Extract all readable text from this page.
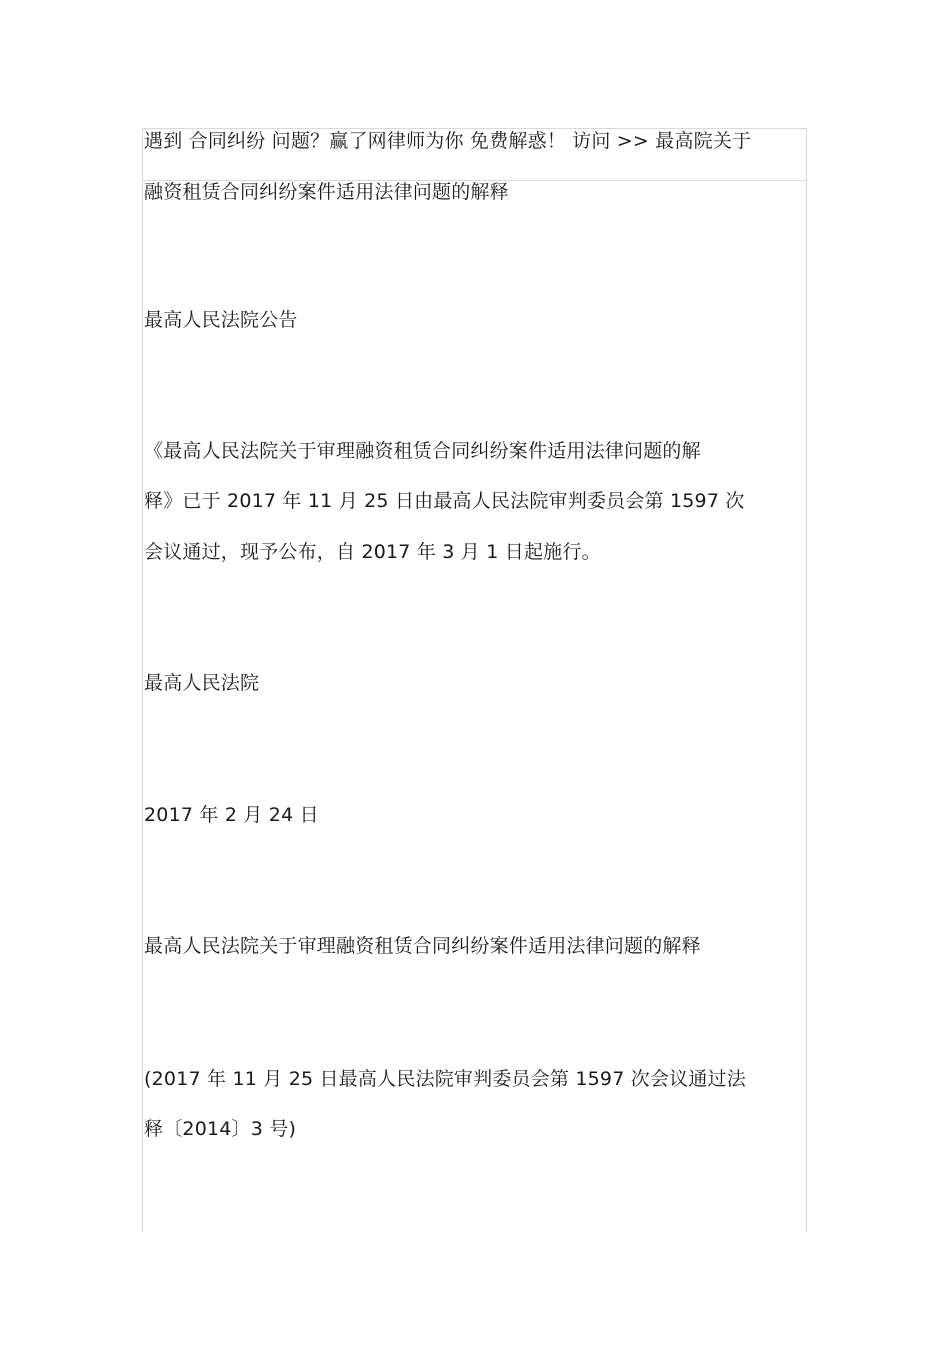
遇到 合同纠纷 问题？赢了网律师为你 免费解惑！ 访问 >> 最高院关于
融资租赁合同纠纷案件适用法律问题的解释
最高人民法院公告
《最高人民法院关于审理融资租赁合同纠纷案件适用法律问题的解
释》已于 2017 年 11 月 25 日由最高人民法院审判委员会第 1597 次
会议通过，现予公布，自 2017 年 3 月 1 日起施行。
最高人民法院
2017 年 2 月 24 日
最高人民法院关于审理融资租赁合同纠纷案件适用法律问题的解释
(2017 年 11 月 25 日最高人民法院审判委员会第 1597 次会议通过法
释〔2014〕3 号)
